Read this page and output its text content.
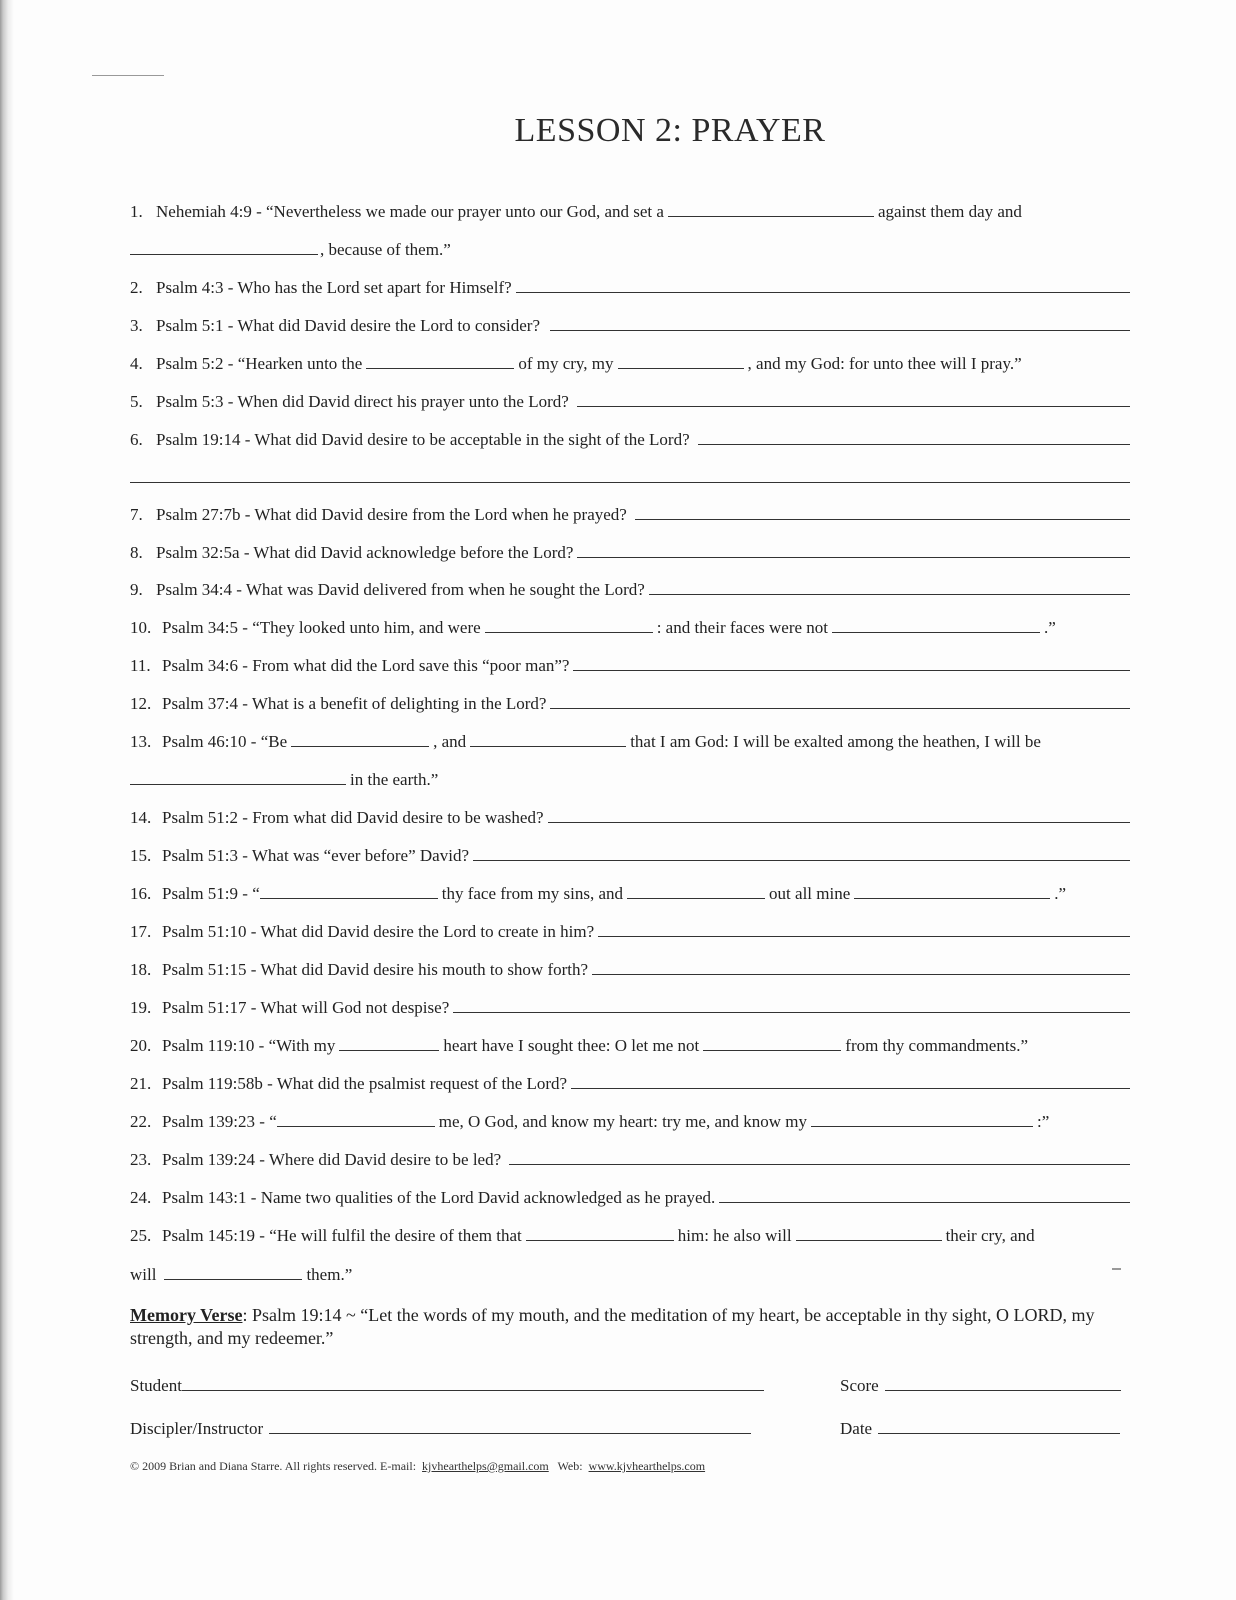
LESSON 2: PRAYER
1. Nehemiah 4:9 - “Nevertheless we made our prayer unto our God, and set a	against them day and
, because of them.”
2. Psalm 4:3 - Who has the Lord set apart for Himself?
3. Psalm 5:1 - What did David desire the Lord to consider?
4. Psalm 5:2 - “Hearken unto the	of my cry, my	, and my God: for unto thee will I pray.”
5. Psalm 5:3 - When did David direct his prayer unto the Lord?
6. Psalm 19:14 - What did David desire to be acceptable in the sight of the Lord?
7. Psalm 27:7b - What did David desire from the Lord when he prayed?
8. Psalm 32:5a - What did David acknowledge before the Lord?
9. Psalm 34:4 - What was David delivered from when he sought the Lord?
10. Psalm 34:5 - “They looked unto him, and were	: and their faces were not	.”
11. Psalm 34:6 - From what did the Lord save this “poor man”?
12. Psalm 37:4 - What is a benefit of delighting in the Lord?
13. Psalm 46:10 - “Be	, and	that I am God: I will be exalted among the heathen, I will be
in the earth.”
14. Psalm 51:2 - From what did David desire to be washed?
15. Psalm 51:3 - What was “ever before” David?
16. Psalm 51:9 - “	thy face from my sins, and	out all mine	.”
17. Psalm 51:10 - What did David desire the Lord to create in him?
18. Psalm 51:15 - What did David desire his mouth to show forth?
19. Psalm 51:17 - What will God not despise?
20. Psalm 119:10 - “With my	heart have I sought thee: O let me not	from thy commandments.”
21. Psalm 119:58b - What did the psalmist request of the Lord?
22. Psalm 139:23 - “	me, O God, and know my heart: try me, and know my	:”
23. Psalm 139:24 - Where did David desire to be led?
24. Psalm 143:1 - Name two qualities of the Lord David acknowledged as he prayed.
25. Psalm 145:19 - “He will fulfil the desire of them that	him: he also will	their cry, and
will	them.”
Memory Verse: Psalm 19:14 ~ “Let the words of my mouth, and the meditation of my heart, be acceptable in thy sight, O LORD, my strength, and my redeemer.”
Student	Score
Discipler/Instructor	Date
© 2009 Brian and Diana Starre. All rights reserved. E-mail: kjvhearthelps@gmail.com   Web: www.kjvhearthelps.com
